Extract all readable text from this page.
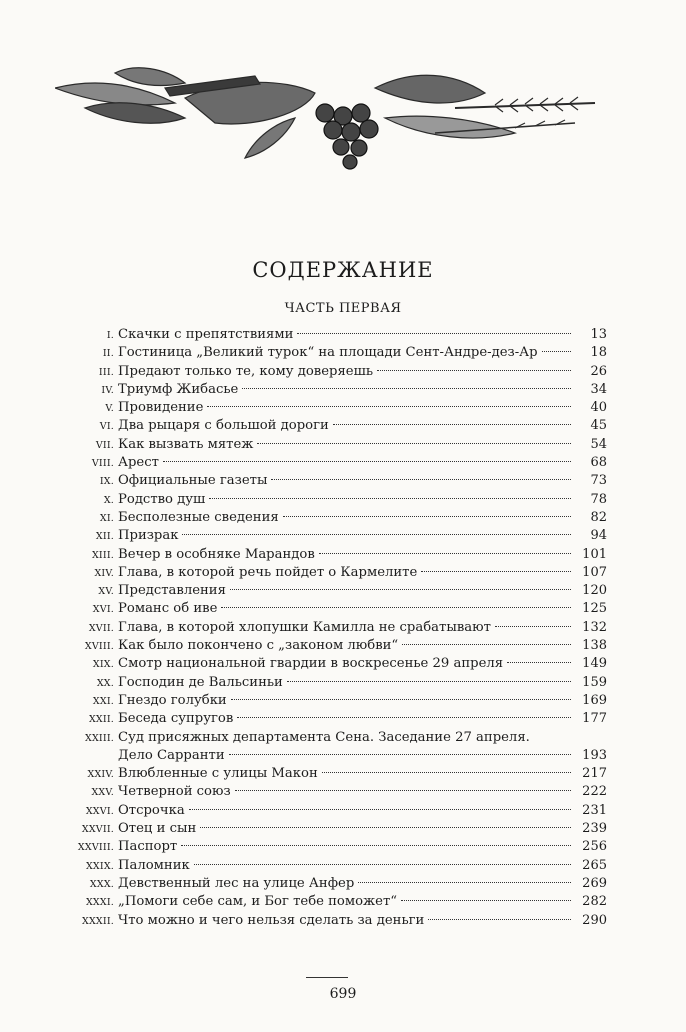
СОДЕРЖАНИЕ
ЧАСТЬ ПЕРВАЯ
I. Скачки с препятствиями	13
II. Гостиница „Великий турок“ на площади Сент-Андре-дез-Ар	18
III. Предают только те, кому доверяешь	26
IV. Триумф Жибасье	34
V. Провидение	40
VI. Два рыцаря с большой дороги	45
VII. Как вызвать мятеж	54
VIII. Арест	68
IX. Официальные газеты	73
X. Родство душ	78
XI. Бесполезные сведения	82
XII. Призрак	94
XIII. Вечер в особняке Марандов	101
XIV. Глава, в которой речь пойдет о Кармелите	107
XV. Представления	120
XVI. Романс об иве	125
XVII. Глава, в которой хлопушки Камилла не срабатывают	132
XVIII. Как было покончено с „законом любви“	138
XIX. Смотр национальной гвардии в воскресенье 29 апреля	149
XX. Господин де Вальсиньи	159
XXI. Гнездо голубки	169
XXII. Беседа супругов	177
XXIII. Суд присяжных департамента Сена. Заседание 27 апреля.
Дело Сарранти	193
XXIV. Влюбленные с улицы Макон	217
XXV. Четверной союз	222
XXVI. Отсрочка	231
XXVII. Отец и сын	239
XXVIII. Паспорт	256
XXIX. Паломник	265
XXX. Девственный лес на улице Анфер	269
XXXI. „Помоги себе сам, и Бог тебе поможет“	282
XXXII. Что можно и чего нельзя сделать за деньги	290
699
